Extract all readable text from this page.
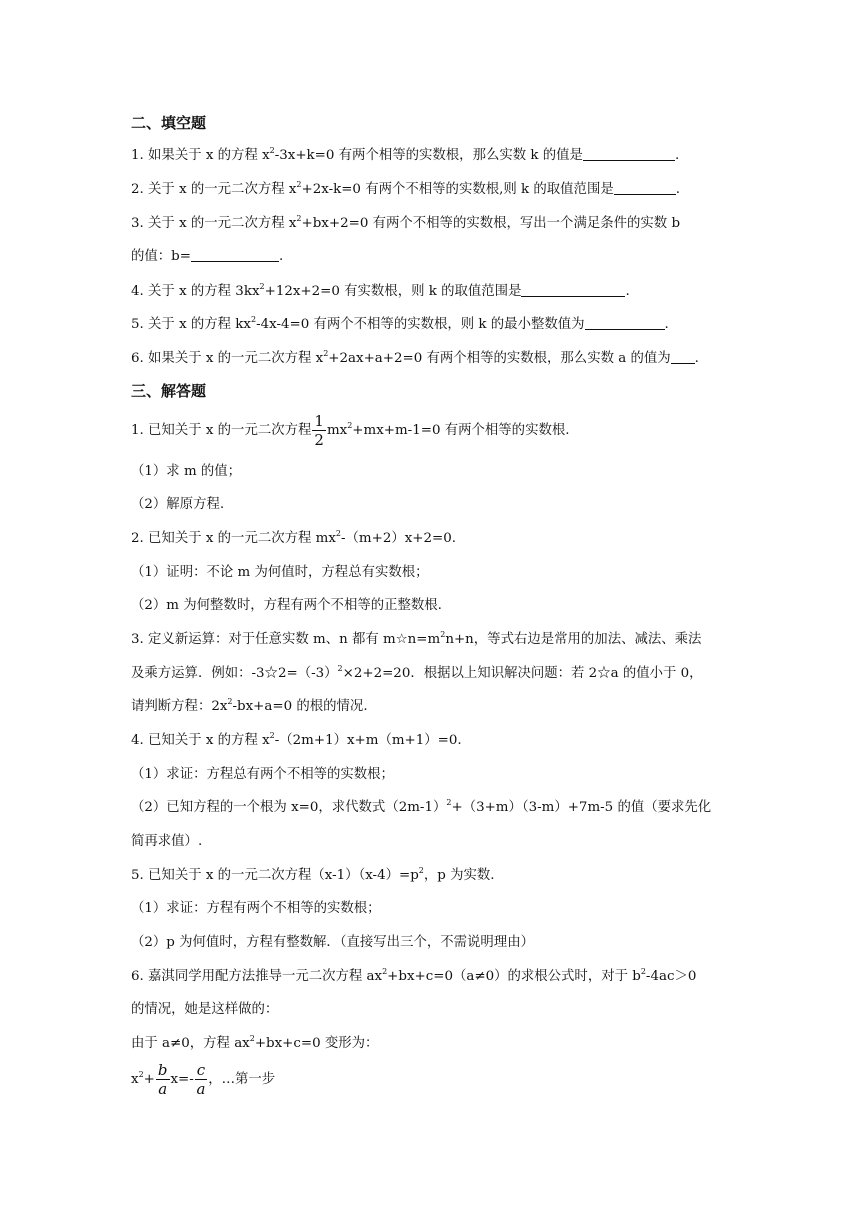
二、填空题
1. 如果关于 x 的方程 $x^2-3x+k=0$ 有两个相等的实数根，那么实数 k 的值是	.
2. 关于 x 的一元二次方程 $x^2+2x-k=0$ 有两个不相等的实数根,则 k 的取值范围是	.
3. 关于 x 的一元二次方程 $x^2+bx+2=0$ 有两个不相等的实数根，写出一个满足条件的实数 b
的值：b=	.
4. 关于 x 的方程 $3kx^2+12x+2=0$ 有实数根，则 k 的取值范围是	.
5. 关于 x 的方程 $kx^2-4x-4=0$ 有两个不相等的实数根，则 k 的最小整数值为	.
6. 如果关于 x 的一元二次方程 $x^2+2ax+a+2=0$ 有两个相等的实数根，那么实数 a 的值为 .
三、解答题
1. 已知关于 x 的一元二次方程 $\frac{1}{2} mx^2+mx+m-1=0$ 有两个相等的实数根.
（1）求 m 的值；
（2）解原方程.
2. 已知关于 x 的一元二次方程 $mx^2-(m+2)x+2=0$.
（1）证明：不论 m 为何值时，方程总有实数根；
（2）m 为何整数时，方程有两个不相等的正整数根.
3. 定义新运算：对于任意实数 m、n 都有 $m☆n=m^2n+n$，等式右边是常用的加法、减法、乘法
及乘方运算．例如：$-3☆2=(-3)^2\times 2+2=20$．根据以上知识解决问题：若 2☆a 的值小于 0，
请判断方程：$2x^2-bx+a=0$ 的根的情况.
4. 已知关于 x 的方程 $x^2-(2m+1)x+m(m+1)=0$.
（1）求证：方程总有两个不相等的实数根；
（2）已知方程的一个根为 x=0，求代数式$(2m-1)^2+(3+m)(3-m)+7m-5$ 的值（要求先化
简再求值）.
5. 已知关于 x 的一元二次方程$(x-1)(x-4)=p^2$，p 为实数.
（1）求证：方程有两个不相等的实数根；
（2）p 为何值时，方程有整数解．（直接写出三个，不需说明理由）
6. 嘉淇同学用配方法推导一元二次方程 $ax^2+bx+c=0(a\ne 0)$的求根公式时，对于 $b^2-4ac>0$
的情况，她是这样做的：
由于 a≠0，方程 $ax^2+bx+c=0$ 变形为：
$x^2+ \frac{b}{a} x=- \frac{c}{a}$ ，…第一步
